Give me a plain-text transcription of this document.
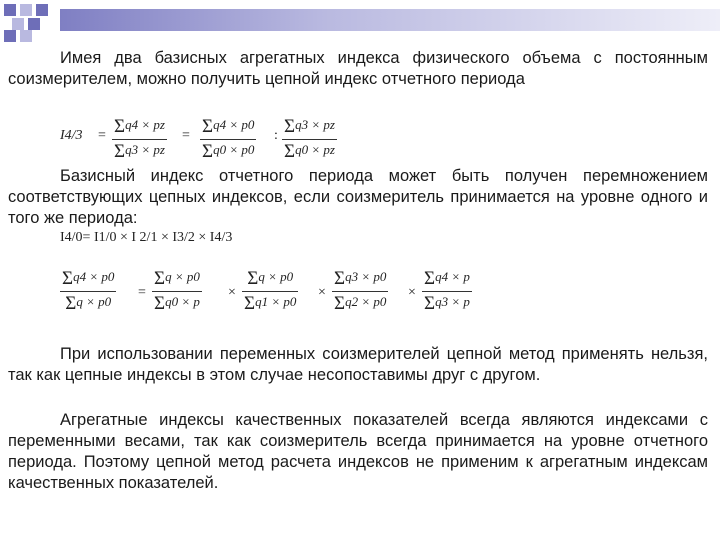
Имея два базисных агрегатных индекса физического объема с постоянным соизмерителем, можно получить цепной индекс отчетного периода
$I4/3 = \frac{\Sigma q4 \times pz}{\Sigma q3 \times pz} = \frac{\Sigma q4 \times p0}{\Sigma q0 \times p0}$ : $\frac{\Sigma q3 \times pz}{\Sigma q0 \times pz}$
Базисный индекс отчетного периода может быть получен перемножением соответствующих цепных индексов, если соизмеритель принимается на уровне одного и того же периода:
I4/0= I1/0 × I 2/1 × I3/2 × I4/3
$\frac{\Sigma q4 \times p0}{\Sigma q \times p0} = \frac{\Sigma q \times p0}{\Sigma q0 \times p} \times \frac{\Sigma q \times p0}{\Sigma q1 \times p0} \times \frac{\Sigma q3 \times p0}{\Sigma q2 \times p0} \times \frac{\Sigma q4 \times p}{\Sigma q3 \times p}$
При использовании переменных соизмерителей цепной метод применять нельзя, так как цепные индексы в этом случае несопоставимы друг с другом.
Агрегатные индексы качественных показателей всегда являются индексами с переменными весами, так как соизмеритель всегда принимается на уровне отчетного периода. Поэтому цепной метод расчета индексов не применим к агрегатным индексам качественных показателей.
